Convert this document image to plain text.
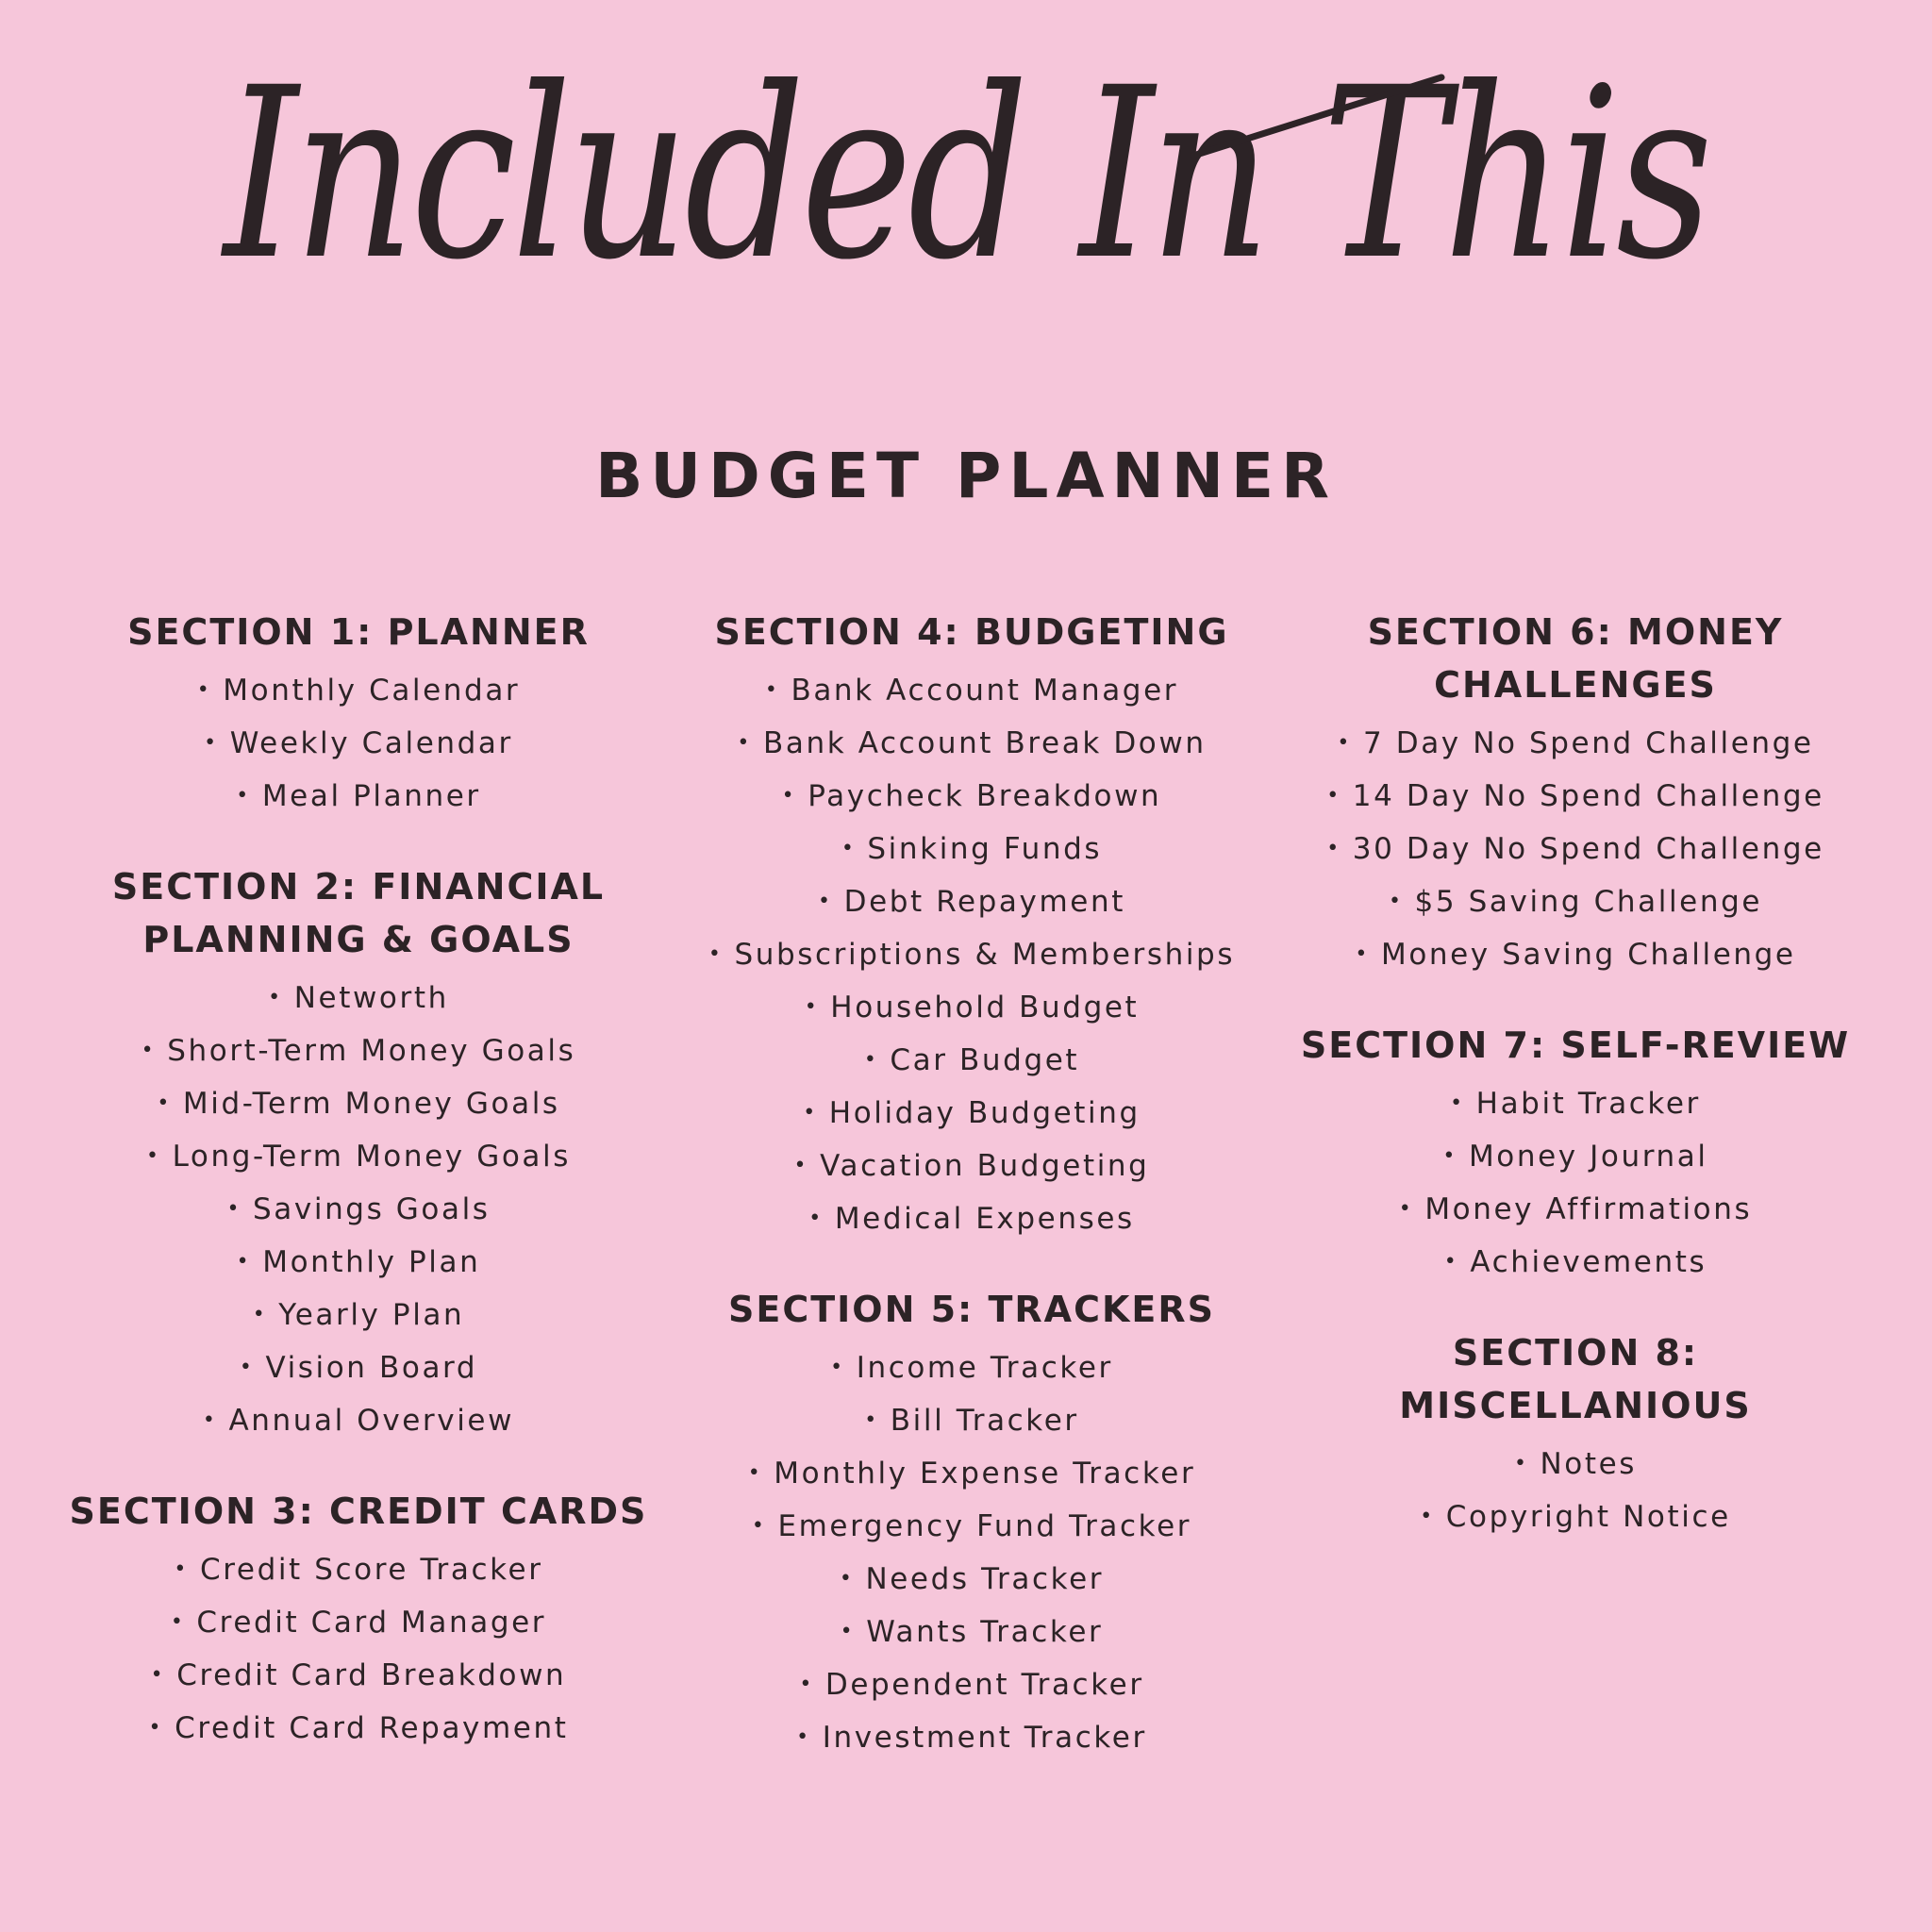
Included In This
BUDGET PLANNER
SECTION 1: PLANNER
• Monthly Calendar
• Weekly Calendar
• Meal Planner
SECTION 2: FINANCIAL PLANNING & GOALS
• Networth
• Short-Term Money Goals
• Mid-Term Money Goals
• Long-Term Money Goals
• Savings Goals
• Monthly Plan
• Yearly Plan
• Vision Board
• Annual Overview
SECTION 3: CREDIT CARDS
• Credit Score Tracker
• Credit Card Manager
• Credit Card Breakdown
• Credit Card Repayment
SECTION 4: BUDGETING
• Bank Account Manager
• Bank Account Break Down
• Paycheck Breakdown
• Sinking Funds
• Debt Repayment
• Subscriptions & Memberships
• Household Budget
• Car Budget
• Holiday Budgeting
• Vacation Budgeting
• Medical Expenses
SECTION 5: TRACKERS
• Income Tracker
• Bill Tracker
• Monthly Expense Tracker
• Emergency Fund Tracker
• Needs Tracker
• Wants Tracker
• Dependent Tracker
• Investment Tracker
SECTION 6: MONEY CHALLENGES
• 7 Day No Spend Challenge
• 14 Day No Spend Challenge
• 30 Day No Spend Challenge
• $5 Saving Challenge
• Money Saving Challenge
SECTION 7: SELF-REVIEW
• Habit Tracker
• Money Journal
• Money Affirmations
• Achievements
SECTION 8: MISCELLANIOUS
• Notes
• Copyright Notice
